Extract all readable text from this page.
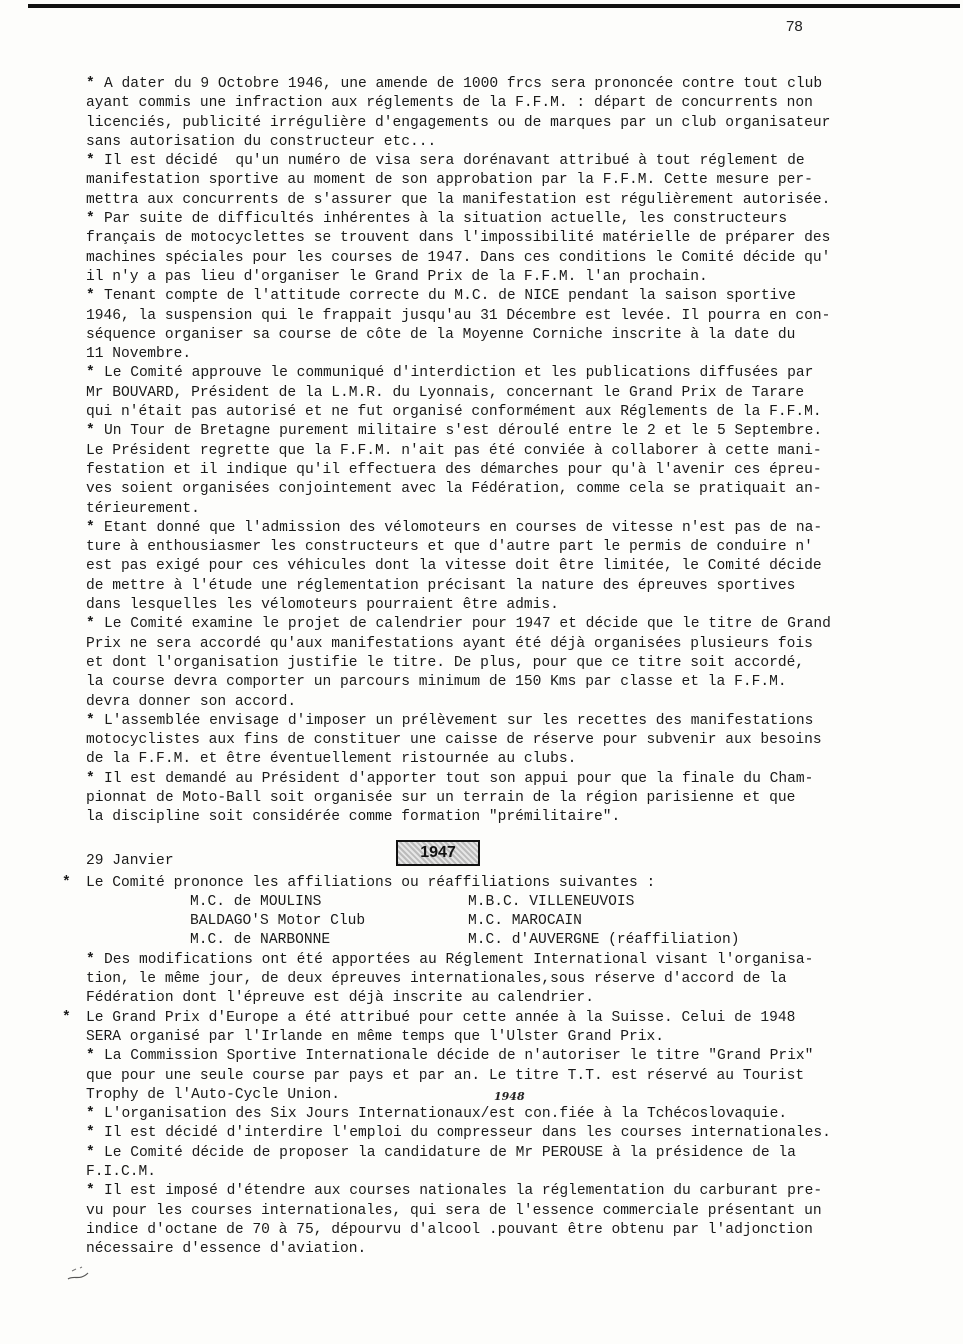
78
* A dater du 9 Octobre 1946, une amende de 1000 frcs sera prononcée contre tout club
ayant commis une infraction aux réglements de la F.F.M. : départ de concurrents non
licenciés, publicité irrégulière d'engagements ou de marques par un club organisateur
sans autorisation du constructeur etc...
* Il est décidé  qu'un numéro de visa sera dorénavant attribué à tout réglement de
manifestation sportive au moment de son approbation par la F.F.M. Cette mesure per-
mettra aux concurrents de s'assurer que la manifestation est régulièrement autorisée.
* Par suite de difficultés inhérentes à la situation actuelle, les constructeurs
français de motocyclettes se trouvent dans l'impossibilité matérielle de préparer des
machines spéciales pour les courses de 1947. Dans ces conditions le Comité décide qu'
il n'y a pas lieu d'organiser le Grand Prix de la F.F.M. l'an prochain.
* Tenant compte de l'attitude correcte du M.C. de NICE pendant la saison sportive
1946, la suspension qui le frappait jusqu'au 31 Décembre est levée. Il pourra en con-
séquence organiser sa course de côte de la Moyenne Corniche inscrite à la date du
11 Novembre.
* Le Comité approuve le communiqué d'interdiction et les publications diffusées par
Mr BOUVARD, Président de la L.M.R. du Lyonnais, concernant le Grand Prix de Tarare
qui n'était pas autorisé et ne fut organisé conformément aux Réglements de la F.F.M.
* Un Tour de Bretagne purement militaire s'est déroulé entre le 2 et le 5 Septembre.
Le Président regrette que la F.F.M. n'ait pas été conviée à collaborer à cette mani-
festation et il indique qu'il effectuera des démarches pour qu'à l'avenir ces épreu-
ves soient organisées conjointement avec la Fédération, comme cela se pratiquait an-
térieurement.
* Etant donné que l'admission des vélomoteurs en courses de vitesse n'est pas de na-
ture à enthousiasmer les constructeurs et que d'autre part le permis de conduire n'
est pas exigé pour ces véhicules dont la vitesse doit être limitée, le Comité décide
de mettre à l'étude une réglementation précisant la nature des épreuves sportives
dans lesquelles les vélomoteurs pourraient être admis.
* Le Comité examine le projet de calendrier pour 1947 et décide que le titre de Grand
Prix ne sera accordé qu'aux manifestations ayant été déjà organisées plusieurs fois
et dont l'organisation justifie le titre. De plus, pour que ce titre soit accordé,
la course devra comporter un parcours minimum de 150 Kms par classe et la F.F.M.
devra donner son accord.
* L'assemblée envisage d'imposer un prélèvement sur les recettes des manifestations
motocyclistes aux fins de constituer une caisse de réserve pour subvenir aux besoins
de la F.F.M. et être éventuellement ristournée au clubs.
* Il est demandé au Président d'apporter tout son appui pour que la finale du Cham-
pionnat de Moto-Ball soit organisée sur un terrain de la région parisienne et que
la discipline soit considérée comme formation "prémilitaire".
29 Janvier	1947
* Le Comité prononce les affiliations ou réaffiliations suivantes :
M.C. de MOULINS	M.B.C. VILLENEUVOIS
BALDAGO'S Motor Club	M.C. MAROCAIN
M.C. de NARBONNE	M.C. d'AUVERGNE (réaffiliation)
* Des modifications ont été apportées au Réglement International visant l'organisa-
tion, le même jour, de deux épreuves internationales,sous réserve d'accord de la
Fédération dont l'épreuve est déjà inscrite au calendrier.
* Le Grand Prix d'Europe a été attribué pour cette année à la Suisse. Celui de 1948
SERA organisé par l'Irlande en même temps que l'Ulster Grand Prix.
* La Commission Sportive Internationale décide de n'autoriser le titre "Grand Prix"
que pour une seule course par pays et par an. Le titre T.T. est réservé au Tourist
Trophy de l'Auto-Cycle Union.
* L'organisation des Six Jours Internationaux/est con.fiée à la Tchécoslovaquie.
* Il est décidé d'interdire l'emploi du compresseur dans les courses internationales.
* Le Comité décide de proposer la candidature de Mr PEROUSE à la présidence de la
F.I.C.M.
* Il est imposé d'étendre aux courses nationales la réglementation du carburant pre-
vu pour les courses internationales, qui sera de l'essence commerciale présentant un
indice d'octane de 70 à 75, dépourvu d'alcool .pouvant être obtenu par l'adjonction
nécessaire d'essence d'aviation.
1948
